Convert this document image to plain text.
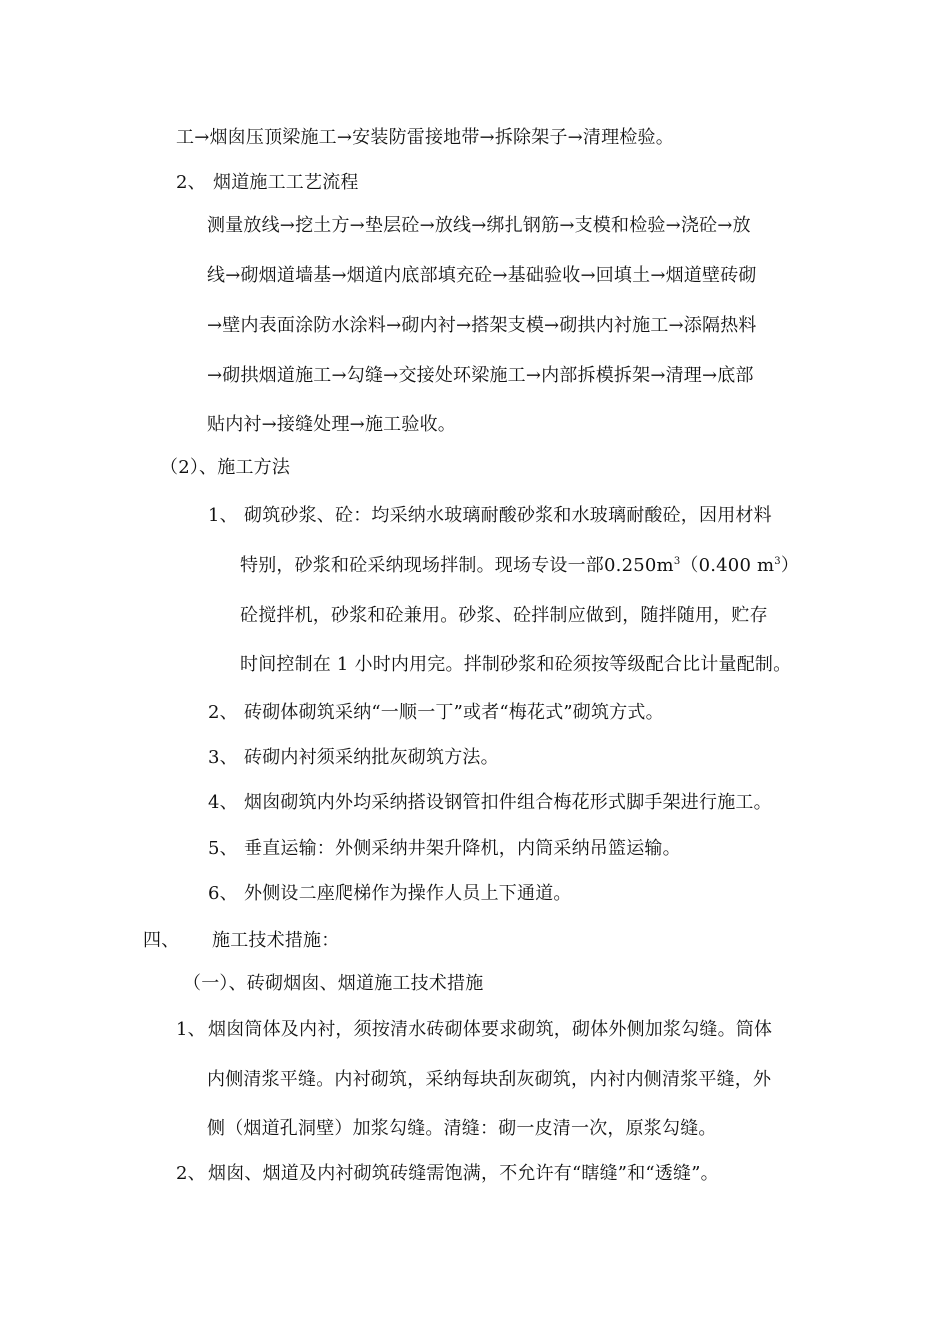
工→烟囱压顶梁施工→安装防雷接地带→拆除架子→清理检验。
2、 烟道施工工艺流程
测量放线→挖土方→垫层砼→放线→绑扎钢筋→支模和检验→浇砼→放
线→砌烟道墙基→烟道内底部填充砼→基础验收→回填土→烟道壁砖砌
→壁内表面涂防水涂料→砌内衬→搭架支模→砌拱内衬施工→添隔热料
→砌拱烟道施工→勾缝→交接处环梁施工→内部拆模拆架→清理→底部
贴内衬→接缝处理→施工验收。
（2）、施工方法
1、 砌筑砂浆、砼：均采纳水玻璃耐酸砂浆和水玻璃耐酸砼，因用材料
特别，砂浆和砼采纳现场拌制。现场专设一部$0.250m^3(0.400$ $m^3$）
砼搅拌机，砂浆和砼兼用。砂浆、砼拌制应做到，随拌随用，贮存
时间控制在 1 小时内用完。拌制砂浆和砼须按等级配合比计量配制。
2、 砖砌体砌筑采纳“一顺一丁”或者“梅花式”砌筑方式。
3、 砖砌内衬须采纳批灰砌筑方法。
4、 烟囱砌筑内外均采纳搭设钢管扣件组合梅花形式脚手架进行施工。
5、 垂直运输：外侧采纳井架升降机，内筒采纳吊篮运输。
6、 外侧设二座爬梯作为操作人员上下通道。
四、 施工技术措施：
（一）、砖砌烟囱、烟道施工技术措施
1、 烟囱筒体及内衬，须按清水砖砌体要求砌筑，砌体外侧加浆勾缝。筒体
内侧清浆平缝。内衬砌筑，采纳每块刮灰砌筑，内衬内侧清浆平缝，外
侧（烟道孔洞壁）加浆勾缝。清缝：砌一皮清一次，原浆勾缝。
2、 烟囱、烟道及内衬砌筑砖缝需饱满，不允许有“瞎缝”和“透缝”。
